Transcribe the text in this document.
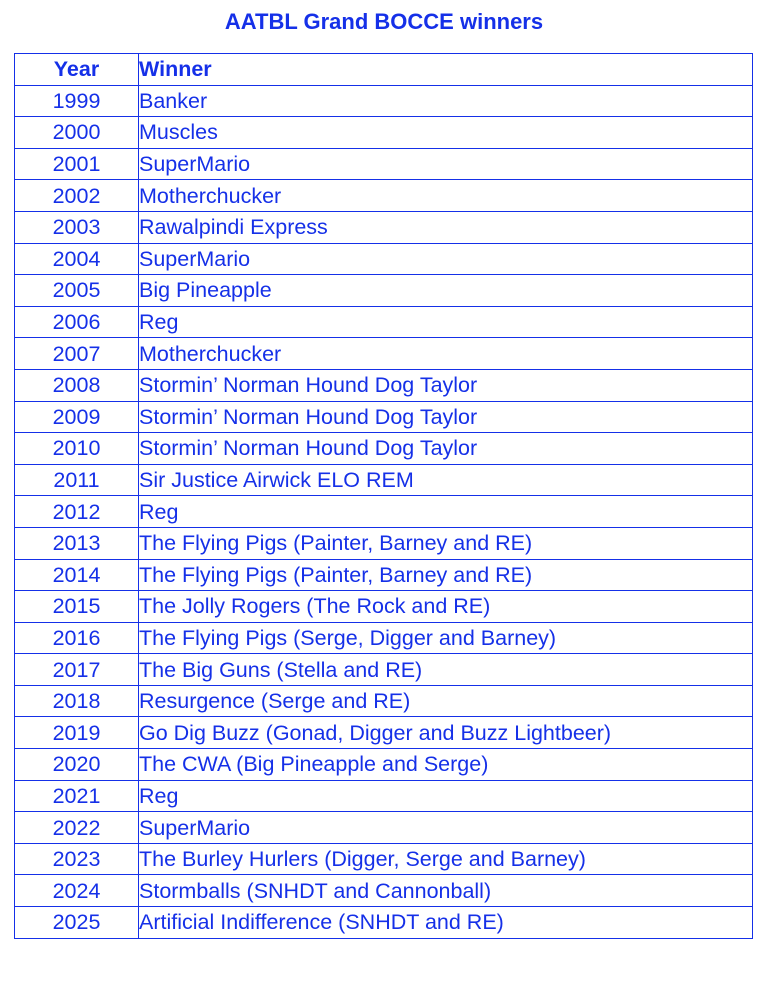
AATBL Grand BOCCE winners
Year	Winner
1999	Banker
2000	Muscles
2001	SuperMario
2002	Motherchucker
2003	Rawalpindi Express
2004	SuperMario
2005	Big Pineapple
2006	Reg
2007	Motherchucker
2008	Stormin’ Norman Hound Dog Taylor
2009	Stormin’ Norman Hound Dog Taylor
2010	Stormin’ Norman Hound Dog Taylor
2011	Sir Justice Airwick ELO REM
2012	Reg
2013	The Flying Pigs (Painter, Barney and RE)
2014	The Flying Pigs (Painter, Barney and RE)
2015	The Jolly Rogers (The Rock and RE)
2016	The Flying Pigs (Serge, Digger and Barney)
2017	The Big Guns (Stella and RE)
2018	Resurgence (Serge and RE)
2019	Go Dig Buzz (Gonad, Digger and Buzz Lightbeer)
2020	The CWA (Big Pineapple and Serge)
2021	Reg
2022	SuperMario
2023	The Burley Hurlers (Digger, Serge and Barney)
2024	Stormballs (SNHDT and Cannonball)
2025	Artificial Indifference (SNHDT and RE)
